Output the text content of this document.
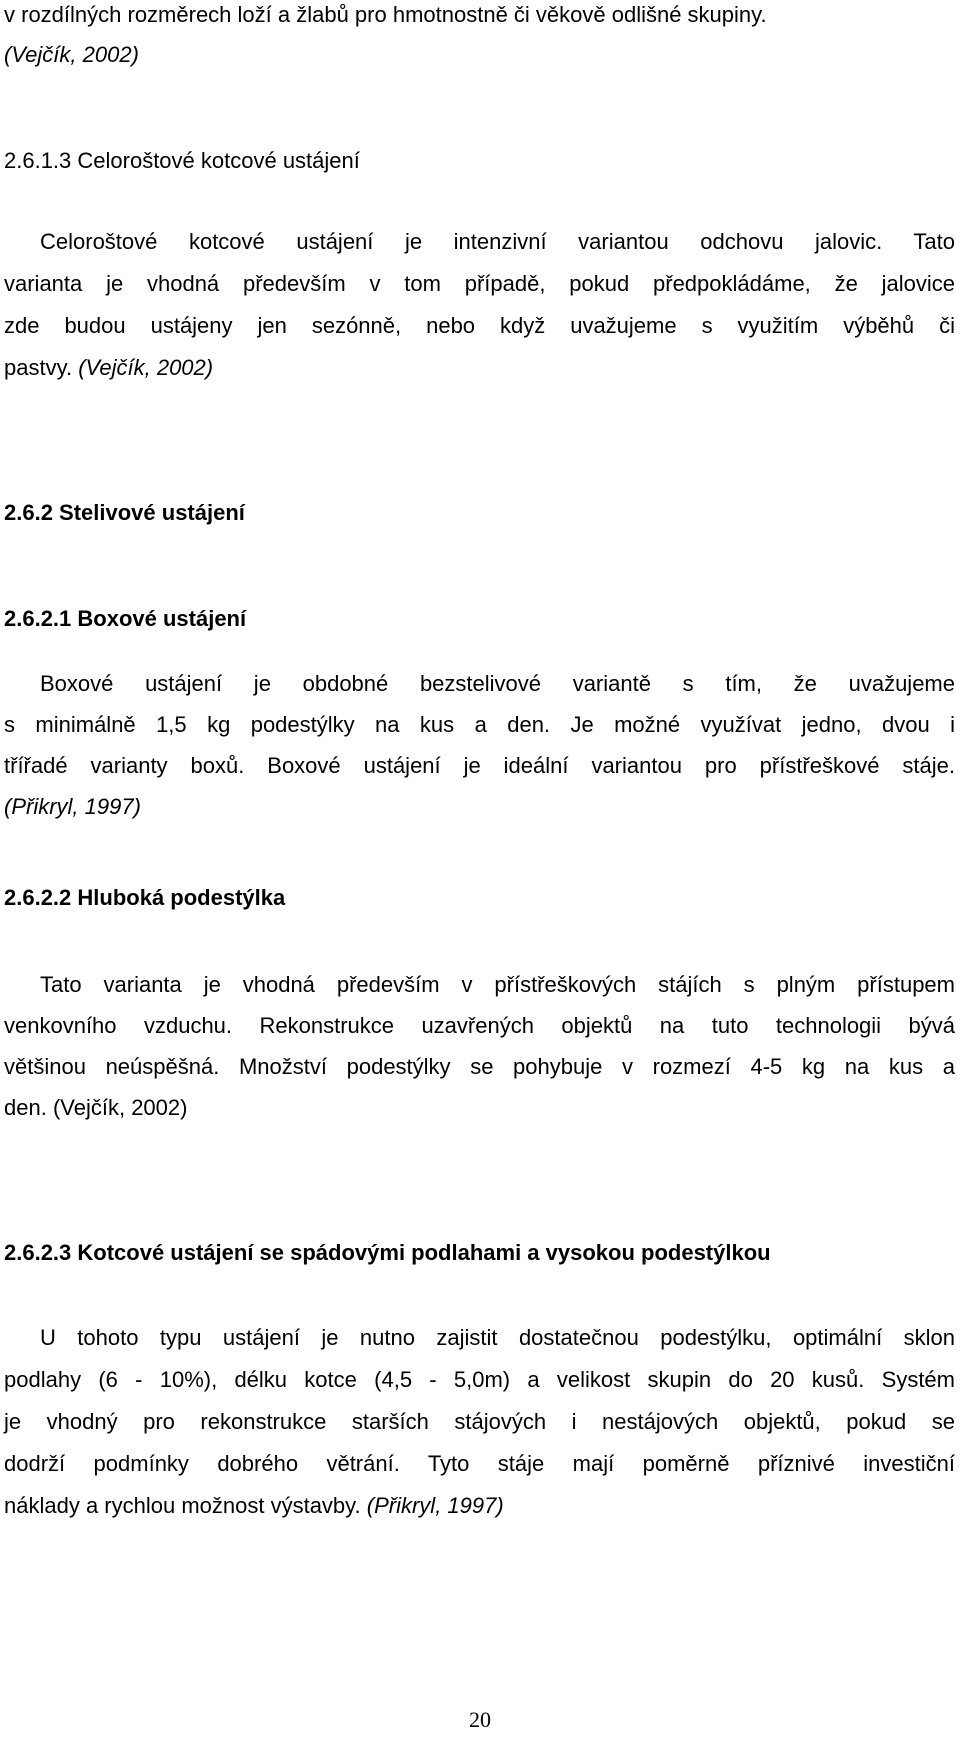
v rozdílných rozměrech loží a žlabů pro hmotnostně či věkově odlišné skupiny.
(Vejčík, 2002)
2.6.1.3 Celoroštové kotcové ustájení
Celoroštové kotcové ustájení je intenzivní variantou odchovu jalovic. Tato
varianta je vhodná především v tom případě, pokud předpokládáme, že jalovice
zde budou ustájeny jen sezónně, nebo když uvažujeme s využitím výběhů či
pastvy. (Vejčík, 2002)
2.6.2 Stelivové ustájení
2.6.2.1 Boxové ustájení
Boxové ustájení je obdobné bezstelivové variantě s tím, že uvažujeme
s minimálně 1,5 kg podestýlky na kus a den. Je možné využívat jedno, dvou i
třířadé varianty boxů. Boxové ustájení je ideální variantou pro přístřeškové stáje.
(Přikryl, 1997)
2.6.2.2 Hluboká podestýlka
Tato varianta je vhodná především v přístřeškových stájích s plným přístupem
venkovního vzduchu. Rekonstrukce uzavřených objektů na tuto technologii bývá
většinou neúspěšná. Množství podestýlky se pohybuje v rozmezí 4-5 kg na kus a
den. (Vejčík, 2002)
2.6.2.3 Kotcové ustájení se spádovými podlahami a vysokou podestýlkou
U tohoto typu ustájení je nutno zajistit dostatečnou podestýlku, optimální sklon
podlahy (6 - 10%), délku kotce (4,5 - 5,0m) a velikost skupin do 20 kusů. Systém
je vhodný pro rekonstrukce starších stájových i nestájových objektů, pokud se
dodrží podmínky dobrého větrání. Tyto stáje mají poměrně příznivé investiční
náklady a rychlou možnost výstavby. (Přikryl, 1997)
20
